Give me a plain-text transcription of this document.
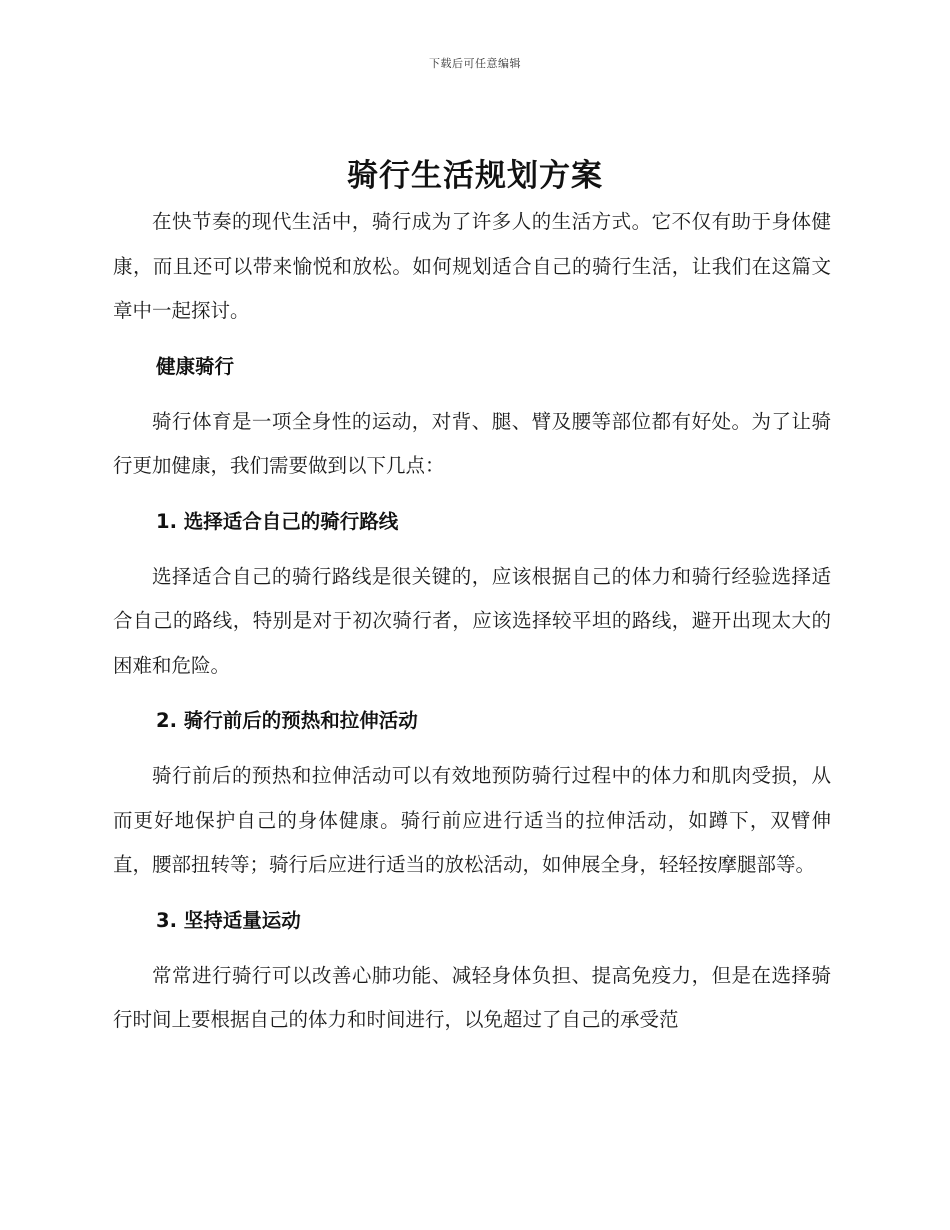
下载后可任意编辑
骑行生活规划方案

在快节奏的现代生活中，骑行成为了许多人的生活方式。它不仅有助于身体健康，而且还可以带来愉悦和放松。如何规划适合自己的骑行生活，让我们在这篇文章中一起探讨。

健康骑行

骑行体育是一项全身性的运动，对背、腿、臂及腰等部位都有好处。为了让骑行更加健康，我们需要做到以下几点：

1. 选择适合自己的骑行路线

选择适合自己的骑行路线是很关键的，应该根据自己的体力和骑行经验选择适合自己的路线，特别是对于初次骑行者，应该选择较平坦的路线，避开出现太大的困难和危险。

2. 骑行前后的预热和拉伸活动

骑行前后的预热和拉伸活动可以有效地预防骑行过程中的体力和肌肉受损，从而更好地保护自己的身体健康。骑行前应进行适当的拉伸活动，如蹲下，双臂伸直，腰部扭转等；骑行后应进行适当的放松活动，如伸展全身，轻轻按摩腿部等。

3. 坚持适量运动

常常进行骑行可以改善心肺功能、减轻身体负担、提高免疫力，但是在选择骑行时间上要根据自己的体力和时间进行，以免超过了自己的承受范
